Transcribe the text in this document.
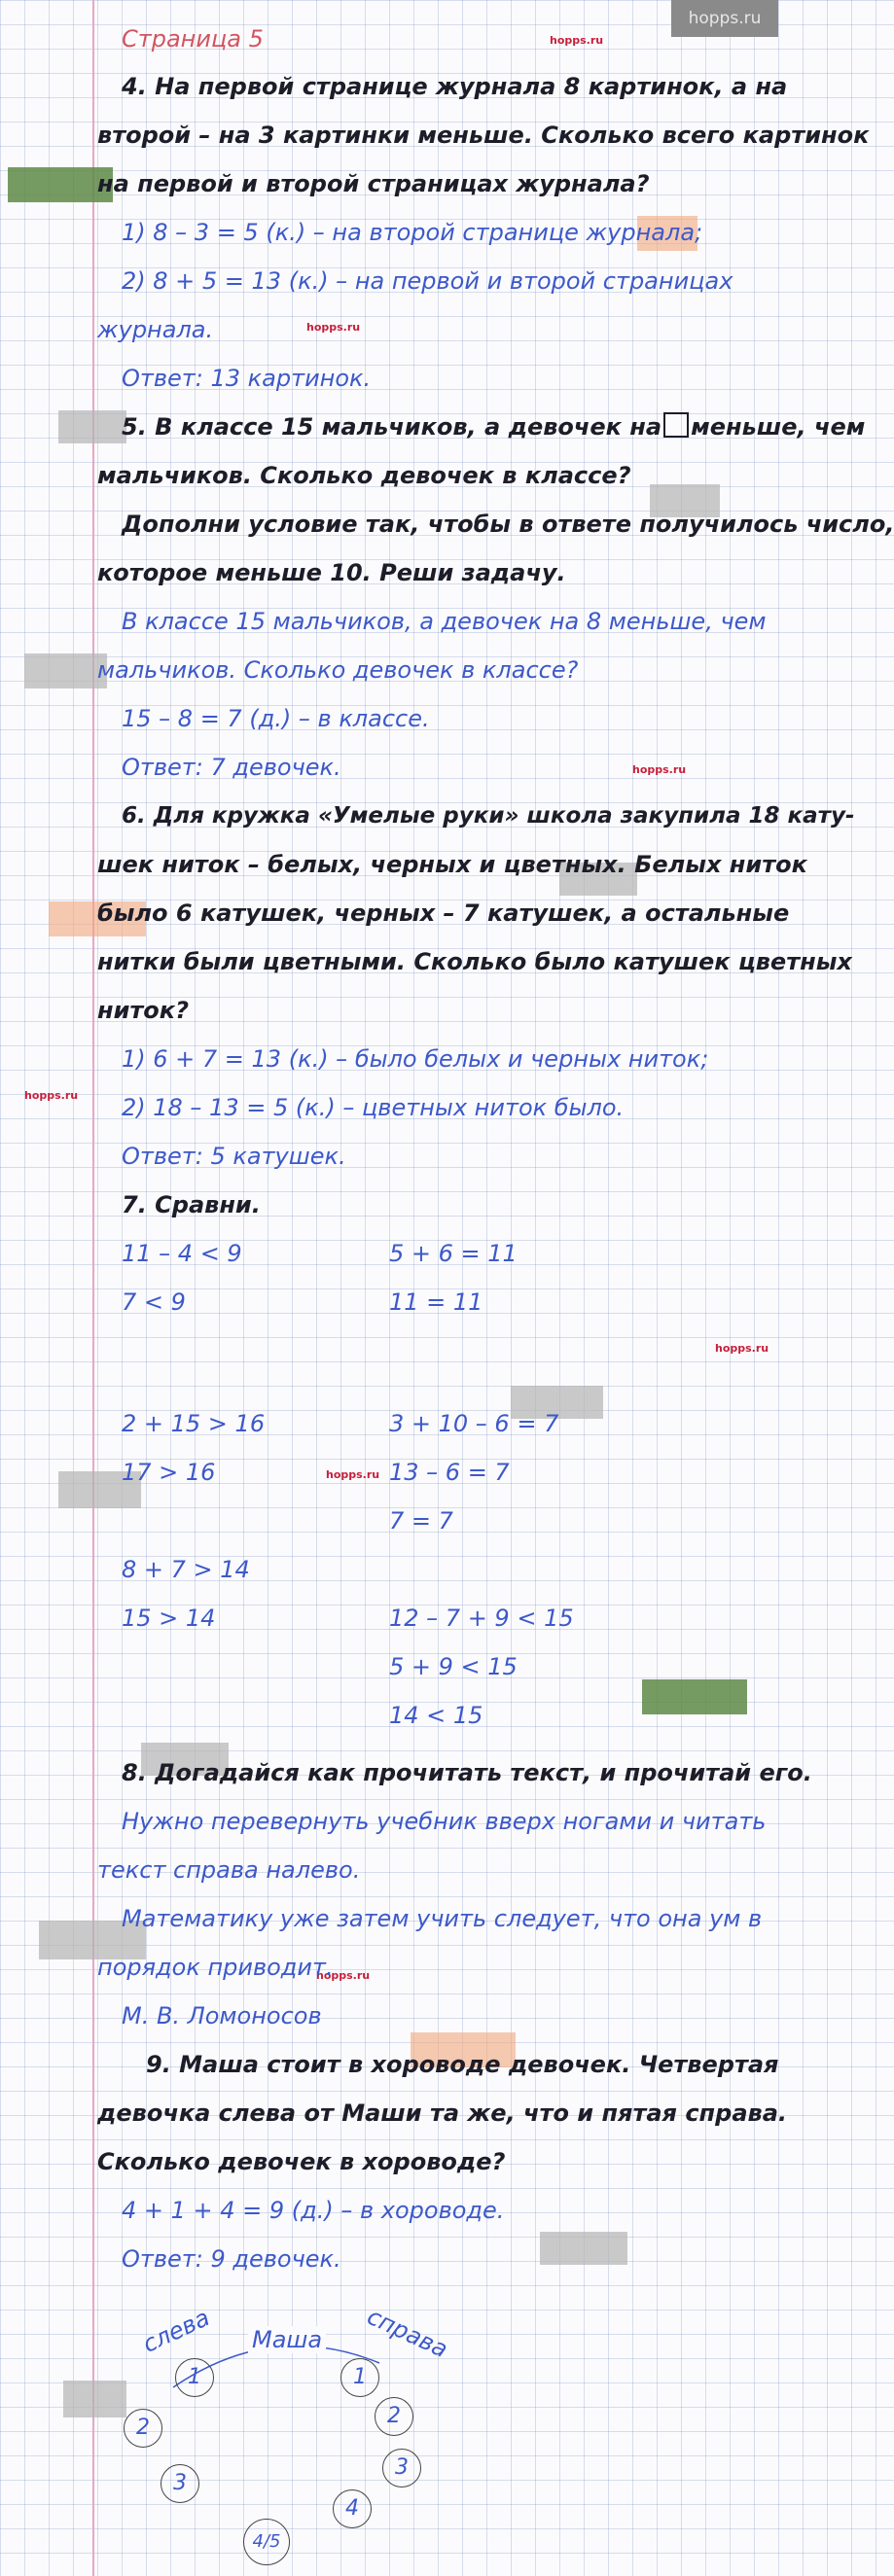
hopps.ru
hopps.ru
hopps.ru
hopps.ru
hopps.ru
hopps.ru
hopps.ru
hopps.ru
Страница 5
4. На первой странице журнала 8 картинок, а на
второй – на 3 картинки меньше. Сколько всего картинок
на первой и второй страницах журнала?
1) 8 – 3 = 5 (к.) – на второй странице журнала;
2) 8 + 5 = 13 (к.) – на первой и второй страницах
журнала.
Ответ: 13 картинок.
5. В классе 15 мальчиков, а девочек на меньше, чем
мальчиков. Сколько девочек в классе?
Дополни условие так, чтобы в ответе получилось число,
которое меньше 10. Реши задачу.
В классе 15 мальчиков, а девочек на 8 меньше, чем
мальчиков. Сколько девочек в классе?
15 – 8 = 7 (д.) – в классе.
Ответ: 7 девочек.
6. Для кружка «Умелые руки» школа закупила 18 кату-
шек ниток – белых, черных и цветных. Белых ниток
было 6 катушек, черных – 7 катушек, а остальные
нитки были цветными. Сколько было катушек цветных
ниток?
1) 6 + 7 = 13 (к.) – было белых и черных ниток;
2) 18 – 13 = 5 (к.) – цветных ниток было.
Ответ: 5 катушек.
7. Сравни.
11 – 4 < 9
7 < 9
2 + 15 > 16
17 > 16
8 + 7 > 14
15 > 14
5 + 6 = 11
11 = 11
3 + 10 – 6 = 7
13 – 6 = 7
7 = 7
12 – 7 + 9 < 15
5 + 9 < 15
14 < 15
8. Догадайся как прочитать текст, и прочитай его.
Нужно перевернуть учебник вверх ногами и читать
текст справа налево.
Математику уже затем учить следует, что она ум в
порядок приводит.
М. В. Ломоносов
9. Маша стоит в хороводе девочек. Четвертая
девочка слева от Маши та же, что и пятая справа.
Сколько девочек в хороводе?
4 + 1 + 4 = 9 (д.) – в хороводе.
Ответ: 9 девочек.
слева Маша справа
1
2
3
1
2
3
4
4/5
